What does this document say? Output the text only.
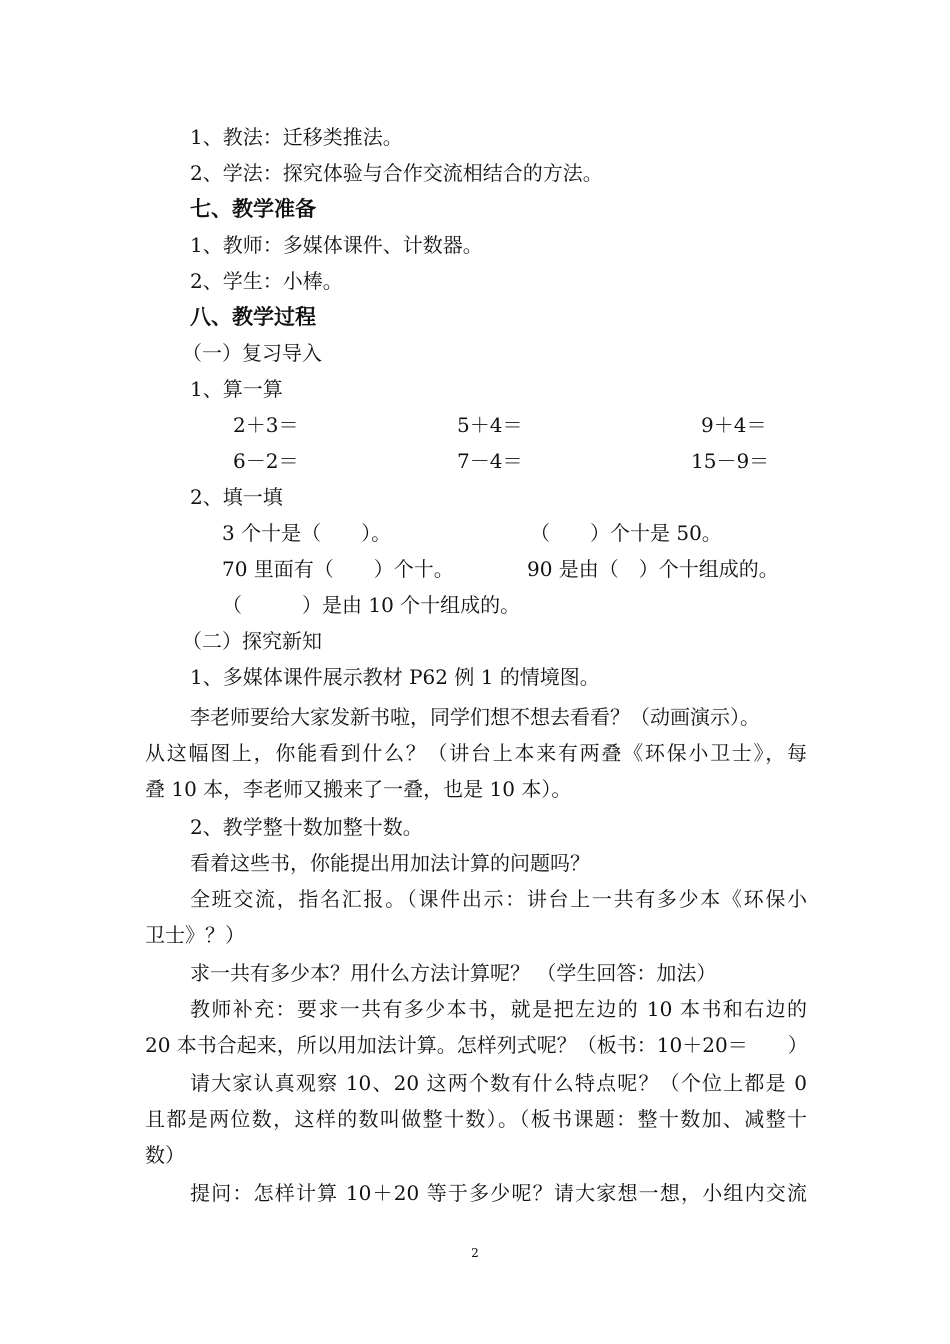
1、教法：迁移类推法。
2、学法：探究体验与合作交流相结合的方法。
七、教学准备
1、教师：多媒体课件、计数器。
2、学生：小棒。
八、教学过程
（一）复习导入
1、算一算
2＋3＝	5＋4＝	9＋4＝
6－2＝	7－4＝	15－9＝
2、填一填
3 个十是（　　）。	（　　）个十是 50。
70 里面有（　　）个十。	90 是由（　）个十组成的。
（　　　）是由 10 个十组成的。
（二）探究新知
1、多媒体课件展示教材 P62 例 1 的情境图。
李老师要给大家发新书啦，同学们想不想去看看？（动画演示）。
从这幅图上，你能看到什么？（讲台上本来有两叠《环保小卫士》，每
叠 10 本，李老师又搬来了一叠，也是 10 本）。
2、教学整十数加整十数。
看着这些书，你能提出用加法计算的问题吗？
全班交流，指名汇报。（课件出示：讲台上一共有多少本《环保小
卫士》？）
求一共有多少本？用什么方法计算呢？ （学生回答：加法）
教师补充：要求一共有多少本书，就是把左边的 10 本书和右边的
20 本书合起来，所以用加法计算。怎样列式呢？（板书：10＋20＝　　）
请大家认真观察 10、20 这两个数有什么特点呢？（个位上都是 0
且都是两位数，这样的数叫做整十数）。（板书课题：整十数加、减整十
数）
提问：怎样计算 10＋20 等于多少呢？请大家想一想，小组内交流
2
